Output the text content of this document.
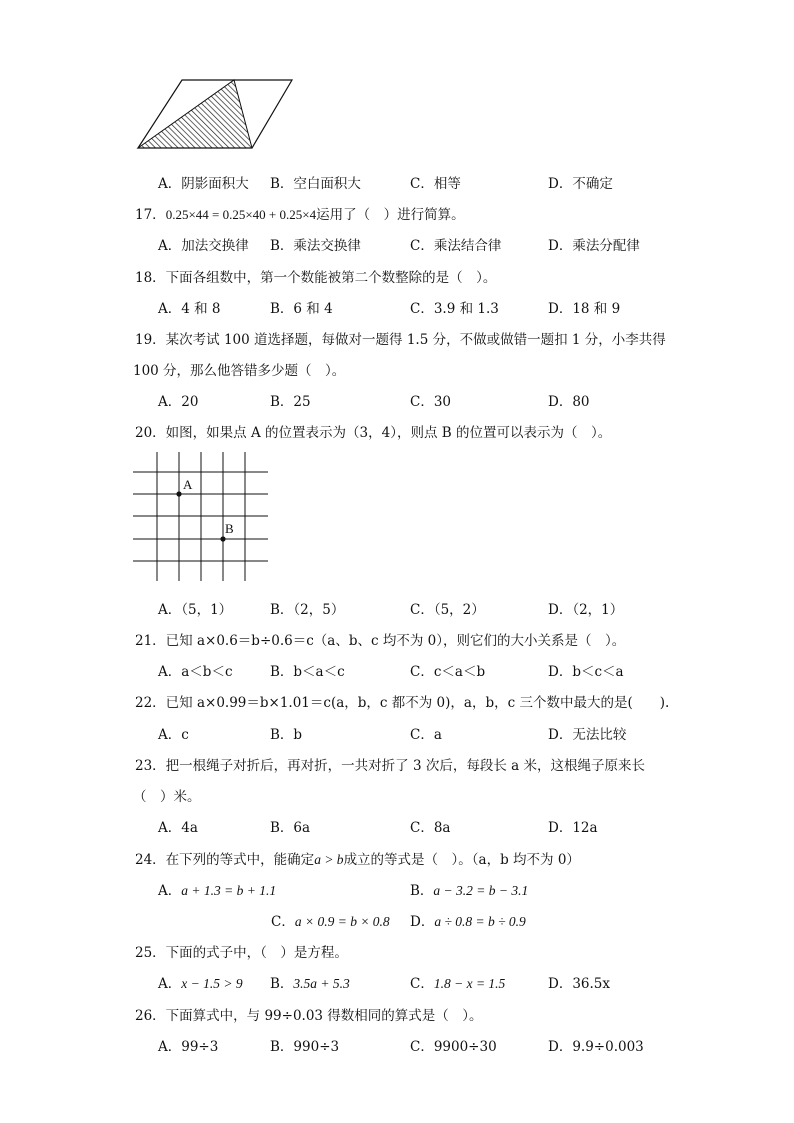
A．阴影面积大 B．空白面积大	C．相等	D．不确定
17．0.25×44 = 0.25×40 + 0.25×4运用了（　）进行简算。
A．加法交换律 B．乘法交换律	C．乘法结合律	D．乘法分配律
18．下面各组数中，第一个数能被第二个数整除的是（　）。
A．4 和 8	B．6 和 4	C．3.9 和 1.3	D．18 和 9
19．某次考试 100 道选择题，每做对一题得 1.5 分，不做或做错一题扣 1 分，小李共得
100 分，那么他答错多少题（　）。
A．20	B．25	C．30	D．80
20．如图，如果点 A 的位置表示为（3，4），则点 B 的位置可以表示为（　）。
A
B
A．（5，1）	B．（2，5）	C．（5，2）	D．（2，1）
21．已知 a×0.6＝b÷0.6＝c（a、b、c 均不为 0），则它们的大小关系是（　）。
A．a＜b＜c	B．b＜a＜c	C．c＜a＜b	D．b＜c＜a
22．已知 a×0.99＝b×1.01＝c(a，b，c 都不为 0)，a，b，c 三个数中最大的是(　　).
A．c	B．b	C．a	D．无法比较
23．把一根绳子对折后，再对折，一共对折了 3 次后，每段长 a 米，这根绳子原来长
（　）米。
A．4a	B．6a	C．8a	D．12a
24．在下列的等式中，能确定a > b成立的等式是（　）。（a，b 均不为 0）
A．a + 1.3 = b + 1.1	B．a − 3.2 = b − 3.1
C．a × 0.9 = b × 0.8 D．a ÷ 0.8 = b ÷ 0.9
25．下面的式子中，（　）是方程。
A．x − 1.5 > 9 B．3.5a + 5.3	C．1.8 − x = 1.5	D．36.5x
26．下面算式中，与 99÷0.03 得数相同的算式是（　）。
A．99÷3	B．990÷3	C．9900÷30	D．9.9÷0.003
